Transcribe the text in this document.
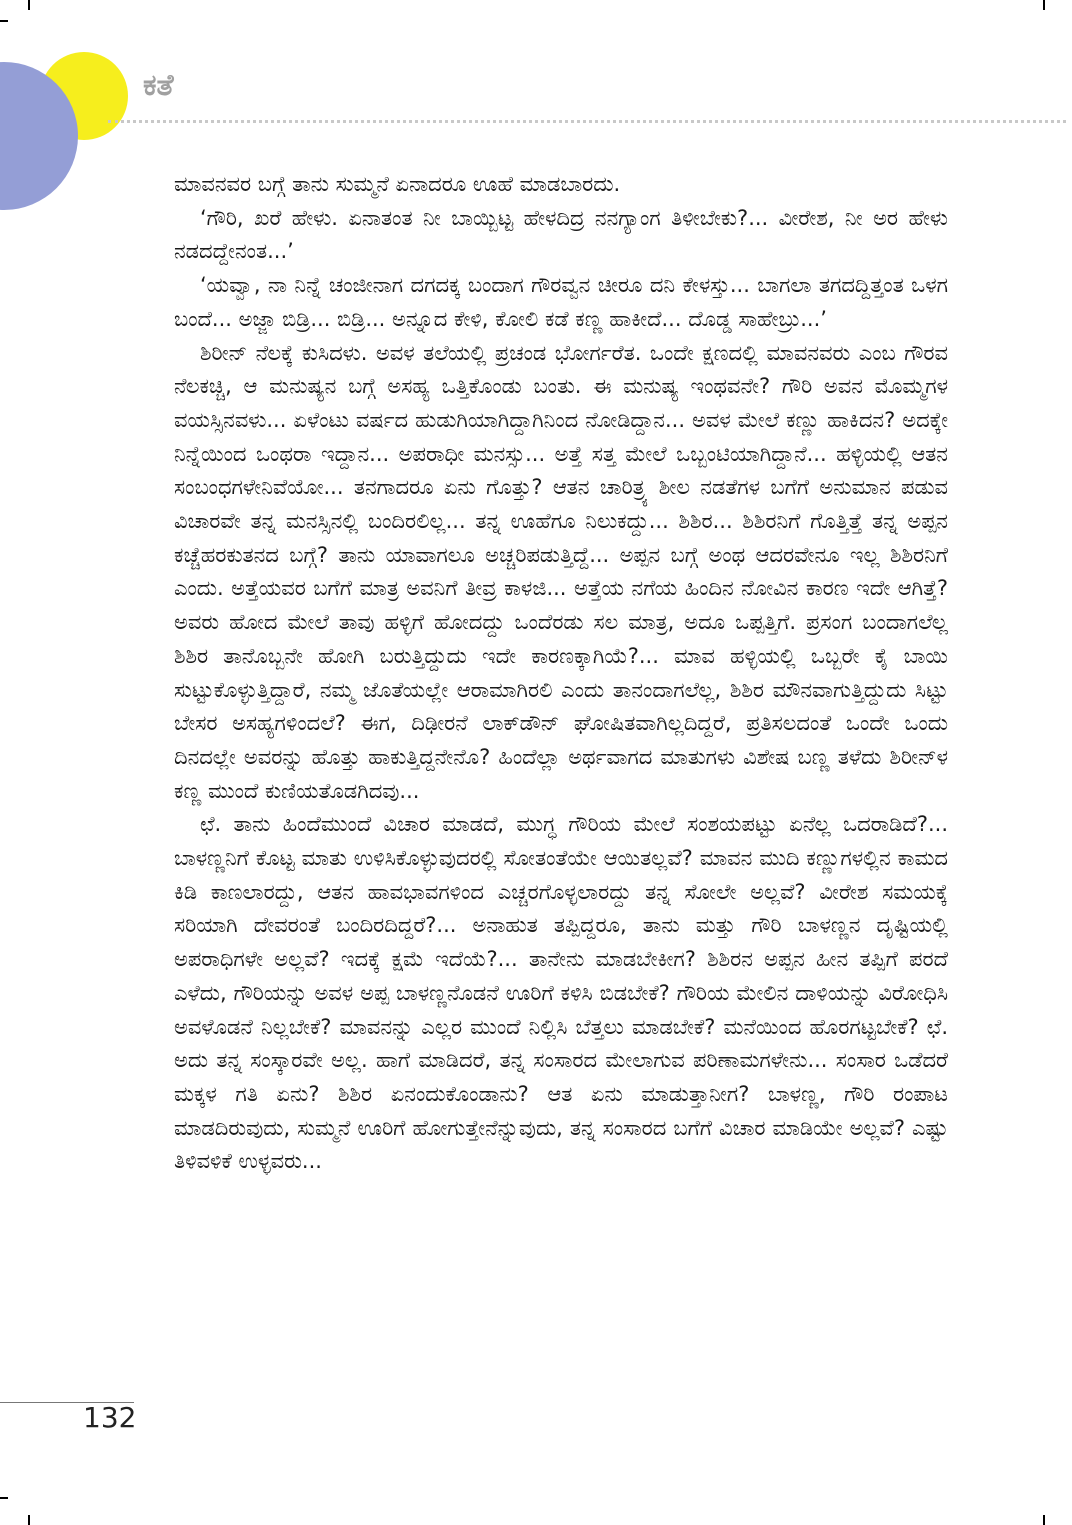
ಕತೆ

ಮಾವನವರ ಬಗ್ಗೆ ತಾನು ಸುಮ್ಮನೆ ಏನಾದರೂ ಊಹೆ ಮಾಡಬಾರದು.

‘ಗೌರಿ, ಖರೆ ಹೇಳು. ಏನಾತಂತ ನೀ ಬಾಯ್ಬಿಟ್ಟ ಹೇಳದಿದ್ರ ನನಗ್ಯಾಂಗ ತಿಳೀಬೇಕು?... ವೀರೇಶ, ನೀ ಅರ ಹೇಳು ನಡದದ್ದೇನಂತ...’

‘ಯವ್ವಾ, ನಾ ನಿನ್ನೆ ಚಂಜೀನಾಗ ದಗದಕ್ಕ ಬಂದಾಗ ಗೌರವ್ವನ ಚೀರೂ ದನಿ ಕೇಳಸ್ತು... ಬಾಗಲಾ ತಗದದ್ದಿತ್ತಂತ ಒಳಗ ಬಂದೆ... ಅಜ್ಜಾ ಬಿಡ್ರಿ... ಬಿಡ್ರಿ... ಅನ್ನೂದ ಕೇಳಿ, ಕೋಲಿ ಕಡೆ ಕಣ್ಣ ಹಾಕೀದೆ... ದೊಡ್ಡ ಸಾಹೇಬ್ರು...’

ಶಿರೀನ್ ನೆಲಕ್ಕೆ ಕುಸಿದಳು. ಅವಳ ತಲೆಯಲ್ಲಿ ಪ್ರಚಂಡ ಭೋರ್ಗರೆತ. ಒಂದೇ ಕ್ಷಣದಲ್ಲಿ ಮಾವನವರು ಎಂಬ ಗೌರವ ನೆಲಕಚ್ಚಿ, ಆ ಮನುಷ್ಯನ ಬಗ್ಗೆ ಅಸಹ್ಯ ಒತ್ತಿಕೊಂಡು ಬಂತು. ಈ ಮನುಷ್ಯ ಇಂಥವನೇ? ಗೌರಿ ಅವನ ಮೊಮ್ಮಗಳ ವಯಸ್ಸಿನವಳು... ಏಳೆಂಟು ವರ್ಷದ ಹುಡುಗಿಯಾಗಿದ್ದಾಗಿನಿಂದ ನೋಡಿದ್ದಾನ... ಅವಳ ಮೇಲೆ ಕಣ್ಣು ಹಾಕಿದನ? ಅದಕ್ಕೇ ನಿನ್ನೆಯಿಂದ ಒಂಥರಾ ಇದ್ದಾನ... ಅಪರಾಧೀ ಮನಸ್ಸು... ಅತ್ತೆ ಸತ್ತ ಮೇಲೆ ಒಬ್ಬಂಟಿಯಾಗಿದ್ದಾನೆ... ಹಳ್ಳಿಯಲ್ಲಿ ಆತನ ಸಂಬಂಧಗಳೇನಿವೆಯೋ... ತನಗಾದರೂ ಏನು ಗೊತ್ತು? ಆತನ ಚಾರಿತ್ರ್ಯ ಶೀಲ ನಡತೆಗಳ ಬಗೆಗೆ ಅನುಮಾನ ಪಡುವ ವಿಚಾರವೇ ತನ್ನ ಮನಸ್ಸಿನಲ್ಲಿ ಬಂದಿರಲಿಲ್ಲ... ತನ್ನ ಊಹೆಗೂ ನಿಲುಕದ್ದು... ಶಿಶಿರ... ಶಿಶಿರನಿಗೆ ಗೊತ್ತಿತ್ತೆ ತನ್ನ ಅಪ್ಪನ ಕಚ್ಚೆಹರಕುತನದ ಬಗ್ಗೆ? ತಾನು ಯಾವಾಗಲೂ ಅಚ್ಚರಿಪಡುತ್ತಿದ್ದೆ... ಅಪ್ಪನ ಬಗ್ಗೆ ಅಂಥ ಆದರವೇನೂ ಇಲ್ಲ ಶಿಶಿರನಿಗೆ ಎಂದು. ಅತ್ತೆಯವರ ಬಗೆಗೆ ಮಾತ್ರ ಅವನಿಗೆ ತೀವ್ರ ಕಾಳಜಿ... ಅತ್ತೆಯ ನಗೆಯ ಹಿಂದಿನ ನೋವಿನ ಕಾರಣ ಇದೇ ಆಗಿತ್ತೆ? ಅವರು ಹೋದ ಮೇಲೆ ತಾವು ಹಳ್ಳಿಗೆ ಹೋದದ್ದು ಒಂದೆರಡು ಸಲ ಮಾತ್ರ, ಅದೂ ಒಪ್ಪತ್ತಿಗೆ. ಪ್ರಸಂಗ ಬಂದಾಗಲೆಲ್ಲ ಶಿಶಿರ ತಾನೊಬ್ಬನೇ ಹೋಗಿ ಬರುತ್ತಿದ್ದುದು ಇದೇ ಕಾರಣಕ್ಕಾಗಿಯೆ?... ಮಾವ ಹಳ್ಳಿಯಲ್ಲಿ ಒಬ್ಬರೇ ಕೈ ಬಾಯಿ ಸುಟ್ಟುಕೊಳ್ಳುತ್ತಿದ್ದಾರೆ, ನಮ್ಮ ಜೊತೆಯಲ್ಲೇ ಆರಾಮಾಗಿರಲಿ ಎಂದು ತಾನಂದಾಗಲೆಲ್ಲ, ಶಿಶಿರ ಮೌನವಾಗುತ್ತಿದ್ದುದು ಸಿಟ್ಟು ಬೇಸರ ಅಸಹ್ಯಗಳಿಂದಲೆ? ಈಗ, ದಿಢೀರನೆ ಲಾಕ್‌ಡೌನ್ ಘೋಷಿತವಾಗಿಲ್ಲದಿದ್ದರೆ, ಪ್ರತಿಸಲದಂತೆ ಒಂದೇ ಒಂದು ದಿನದಲ್ಲೇ ಅವರನ್ನು ಹೊತ್ತು ಹಾಕುತ್ತಿದ್ದನೇನೊ? ಹಿಂದೆಲ್ಲಾ ಅರ್ಥವಾಗದ ಮಾತುಗಳು ವಿಶೇಷ ಬಣ್ಣ ತಳೆದು ಶಿರೀನ್‌ಳ ಕಣ್ಣ ಮುಂದೆ ಕುಣಿಯತೊಡಗಿದವು...

ಛೆ. ತಾನು ಹಿಂದೆಮುಂದೆ ವಿಚಾರ ಮಾಡದೆ, ಮುಗ್ಧ ಗೌರಿಯ ಮೇಲೆ ಸಂಶಯಪಟ್ಟು ಏನೆಲ್ಲ ಒದರಾಡಿದೆ?... ಬಾಳಣ್ಣನಿಗೆ ಕೊಟ್ಟ ಮಾತು ಉಳಿಸಿಕೊಳ್ಳುವುದರಲ್ಲಿ ಸೋತಂತೆಯೇ ಆಯಿತಲ್ಲವೆ? ಮಾವನ ಮುದಿ ಕಣ್ಣುಗಳಲ್ಲಿನ ಕಾಮದ ಕಿಡಿ ಕಾಣಲಾರದ್ದು, ಆತನ ಹಾವಭಾವಗಳಿಂದ ಎಚ್ಚರಗೊಳ್ಳಲಾರದ್ದು ತನ್ನ ಸೋಲೇ ಅಲ್ಲವೆ? ವೀರೇಶ ಸಮಯಕ್ಕೆ ಸರಿಯಾಗಿ ದೇವರಂತೆ ಬಂದಿರದಿದ್ದರೆ?... ಅನಾಹುತ ತಪ್ಪಿದ್ದರೂ, ತಾನು ಮತ್ತು ಗೌರಿ ಬಾಳಣ್ಣನ ದೃಷ್ಟಿಯಲ್ಲಿ ಅಪರಾಧಿಗಳೇ ಅಲ್ಲವೆ? ಇದಕ್ಕೆ ಕ್ಷಮೆ ಇದೆಯೆ?... ತಾನೇನು ಮಾಡಬೇಕೀಗ? ಶಿಶಿರನ ಅಪ್ಪನ ಹೀನ ತಪ್ಪಿಗೆ ಪರದೆ ಎಳೆದು, ಗೌರಿಯನ್ನು ಅವಳ ಅಪ್ಪ ಬಾಳಣ್ಣನೊಡನೆ ಊರಿಗೆ ಕಳಿಸಿ ಬಿಡಬೇಕೆ? ಗೌರಿಯ ಮೇಲಿನ ದಾಳಿಯನ್ನು ವಿರೋಧಿಸಿ ಅವಳೊಡನೆ ನಿಲ್ಲಬೇಕೆ? ಮಾವನನ್ನು ಎಲ್ಲರ ಮುಂದೆ ನಿಲ್ಲಿಸಿ ಬೆತ್ತಲು ಮಾಡಬೇಕೆ? ಮನೆಯಿಂದ ಹೊರಗಟ್ಟಬೇಕೆ? ಛೆ. ಅದು ತನ್ನ ಸಂಸ್ಕಾರವೇ ಅಲ್ಲ. ಹಾಗೆ ಮಾಡಿದರೆ, ತನ್ನ ಸಂಸಾರದ ಮೇಲಾಗುವ ಪರಿಣಾಮಗಳೇನು... ಸಂಸಾರ ಒಡೆದರೆ ಮಕ್ಕಳ ಗತಿ ಏನು? ಶಿಶಿರ ಏನಂದುಕೊಂಡಾನು? ಆತ ಏನು ಮಾಡುತ್ತಾನೀಗ? ಬಾಳಣ್ಣ, ಗೌರಿ ರಂಪಾಟ ಮಾಡದಿರುವುದು, ಸುಮ್ಮನೆ ಊರಿಗೆ ಹೋಗುತ್ತೇನೆನ್ನುವುದು, ತನ್ನ ಸಂಸಾರದ ಬಗೆಗೆ ವಿಚಾರ ಮಾಡಿಯೇ ಅಲ್ಲವೆ? ಎಷ್ಟು ತಿಳಿವಳಿಕೆ ಉಳ್ಳವರು...

132
